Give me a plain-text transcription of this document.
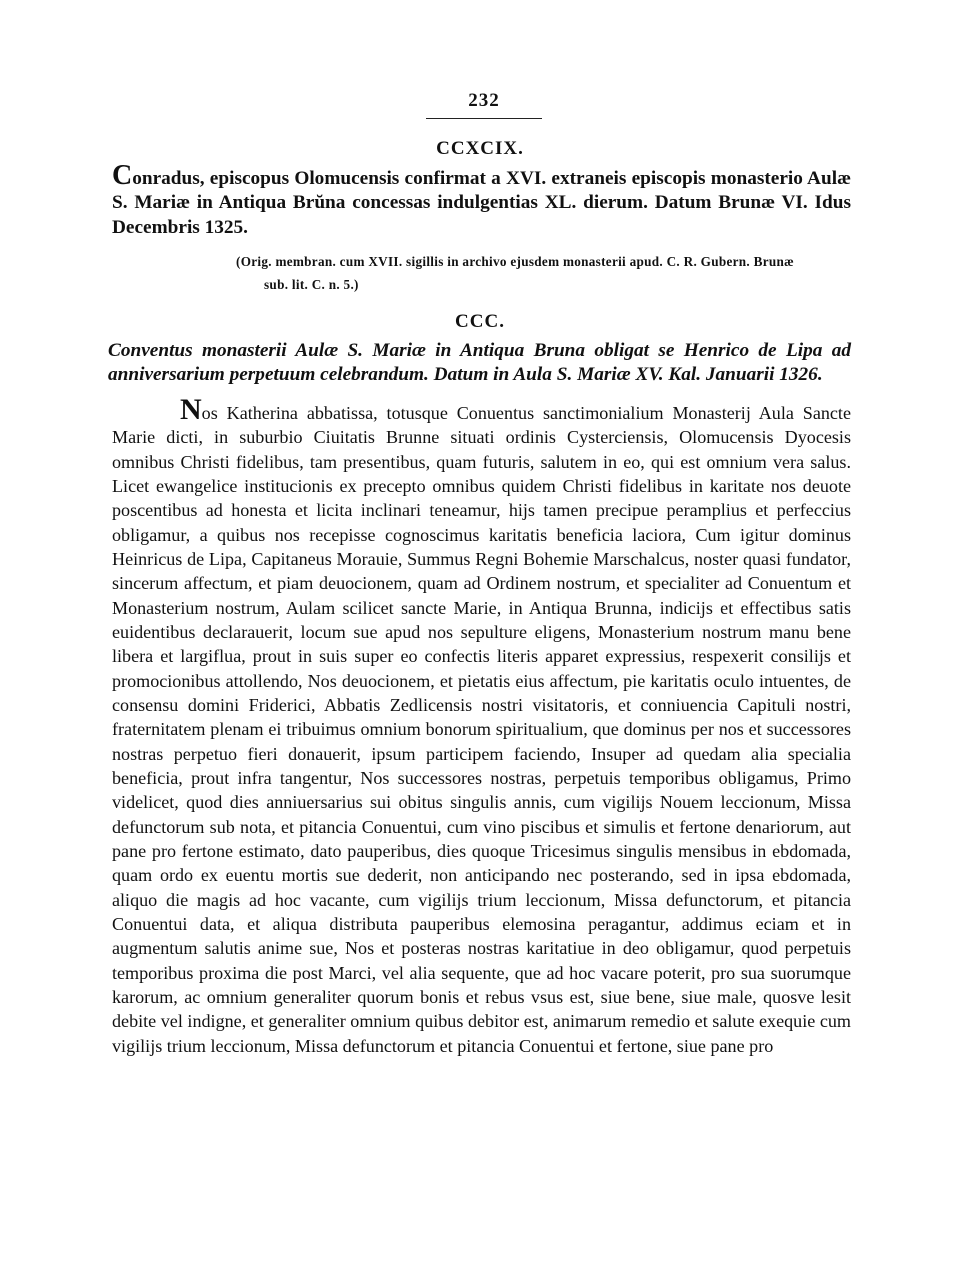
232
CCXCIX.
Conradus, episcopus Olomucensis confirmat a XVI. extraneis episcopis monasterio Aulæ S. Mariæ in Antiqua Brŭna concessas indulgentias XL. dierum. Datum Brunæ VI. Idus Decembris 1325.
(Orig. membran. cum XVII. sigillis in archivo ejusdem monasterii apud. C. R. Gubern. Brunæ
sub. lit. C. n. 5.)
CCC.
Conventus monasterii Aulæ S. Mariæ in Antiqua Bruna obligat se Henrico de Lipa ad anniversarium perpetuum celebrandum. Datum in Aula S. Mariæ XV. Kal. Januarii 1326.
Nos Katherina abbatissa, totusque Conuentus sanctimonialium Monasterij Aula Sancte Marie dicti, in suburbio Ciuitatis Brunne situati ordinis Cysterciensis, Olomucensis Dyocesis omnibus Christi fidelibus, tam presentibus, quam futuris, salutem in eo, qui est omnium vera salus. Licet ewangelice institucionis ex precepto omnibus quidem Christi fidelibus in karitate nos deuote poscentibus ad honesta et licita inclinari teneamur, hijs tamen precipue peramplius et perfeccius obligamur, a quibus nos recepisse cognoscimus karitatis beneficia laciora, Cum igitur dominus Heinricus de Lipa, Capitaneus Morauie, Summus Regni Bohemie Marschalcus, noster quasi fundator, sincerum affectum, et piam deuocionem, quam ad Ordinem nostrum, et specialiter ad Conuentum et Monasterium nostrum, Aulam scilicet sancte Marie, in Antiqua Brunna, indicijs et effectibus satis euidentibus declarauerit, locum sue apud nos sepulture eligens, Monasterium nostrum manu bene libera et largiflua, prout in suis super eo confectis literis apparet expressius, respexerit consilijs et promocionibus attollendo, Nos deuocionem, et pietatis eius affectum, pie karitatis oculo intuentes, de consensu domini Friderici, Abbatis Zedlicensis nostri visitatoris, et conniuencia Capituli nostri, fraternitatem plenam ei tribuimus omnium bonorum spiritualium, que dominus per nos et successores nostras perpetuo fieri donauerit, ipsum participem faciendo, Insuper ad quedam alia specialia beneficia, prout infra tangentur, Nos successores nostras, perpetuis temporibus obligamus, Primo videlicet, quod dies anniuersarius sui obitus singulis annis, cum vigilijs Nouem leccionum, Missa defunctorum sub nota, et pitancia Conuentui, cum vino piscibus et simulis et fertone denariorum, aut pane pro fertone estimato, dato pauperibus, dies quoque Tricesimus singulis mensibus in ebdomada, quam ordo ex euentu mortis sue dederit, non anticipando nec posterando, sed in ipsa ebdomada, aliquo die magis ad hoc vacante, cum vigilijs trium leccionum, Missa defunctorum, et pitancia Conuentui data, et aliqua distributa pauperibus elemosina peragantur, addimus eciam et in augmentum salutis anime sue, Nos et posteras nostras karitatiue in deo obligamur, quod perpetuis temporibus proxima die post Marci, vel alia sequente, que ad hoc vacare poterit, pro sua suorumque karorum, ac omnium generaliter quorum bonis et rebus vsus est, siue bene, siue male, quosve lesit debite vel indigne, et generaliter omnium quibus debitor est, animarum remedio et salute exequie cum vigilijs trium leccionum, Missa defunctorum et pitancia Conuentui et fertone, siue pane pro
